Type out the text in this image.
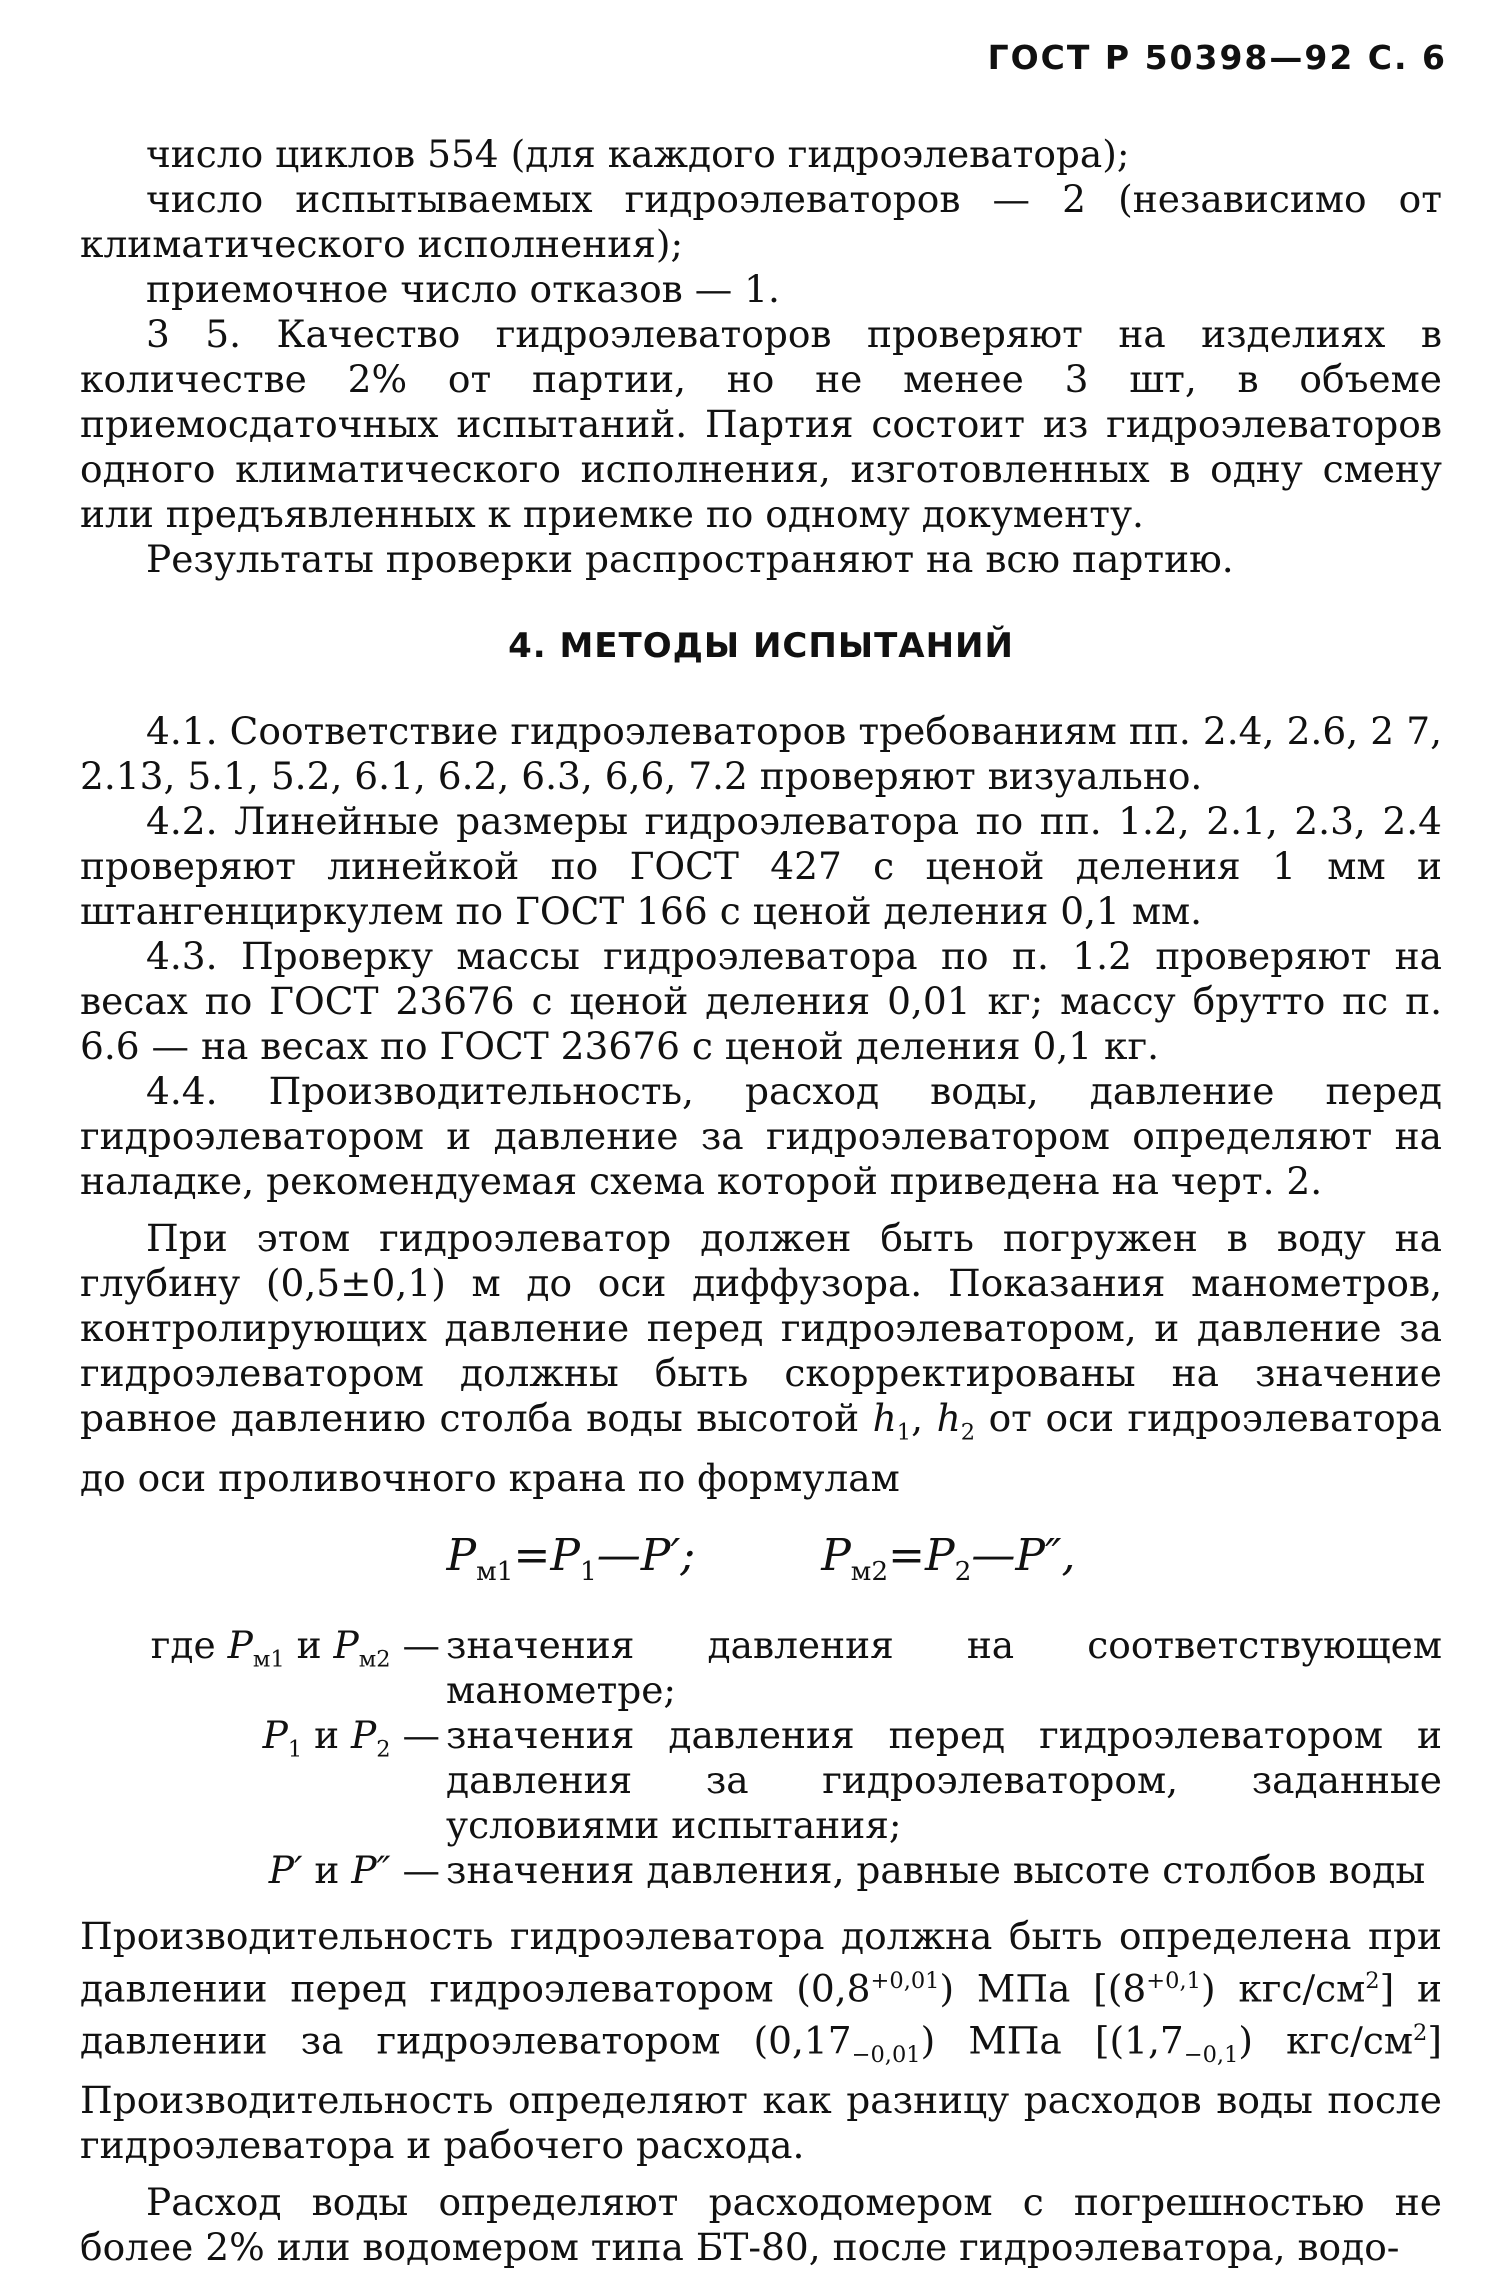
ГОСТ Р 50398—92 С. 6

число циклов 554 (для каждого гидроэлеватора);

число испытываемых гидроэлеваторов — 2 (независимо от климатического исполнения);

приемочное число отказов — 1.

3 5. Качество гидроэлеваторов проверяют на изделиях в количестве 2% от партии, но не менее 3 шт, в объеме приемосдаточных испытаний. Партия состоит из гидроэлеваторов одного климатического исполнения, изготовленных в одну смену или предъявленных к приемке по одному документу.

Результаты проверки распространяют на всю партию.

4. МЕТОДЫ ИСПЫТАНИЙ

4.1. Соответствие гидроэлеваторов требованиям пп. 2.4, 2.6, 2 7, 2.13, 5.1, 5.2, 6.1, 6.2, 6.3, 6,6, 7.2 проверяют визуально.

4.2. Линейные размеры гидроэлеватора по пп. 1.2, 2.1, 2.3, 2.4 проверяют линейкой по ГОСТ 427 с ценой деления 1 мм и штангенциркулем по ГОСТ 166 с ценой деления 0,1 мм.

4.3. Проверку массы гидроэлеватора по п. 1.2 проверяют на весах по ГОСТ 23676 с ценой деления 0,01 кг; массу брутто пс п. 6.6 — на весах по ГОСТ 23676 с ценой деления 0,1 кг.

4.4. Производительность, расход воды, давление перед гидроэлеватором и давление за гидроэлеватором определяют на наладке, рекомендуемая схема которой приведена на черт. 2.

При этом гидроэлеватор должен быть погружен в воду на глубину (0,5±0,1) м до оси диффузора. Показания манометров, контролирующих давление перед гидроэлеватором, и давление за гидроэлеватором должны быть скорректированы на значение равное давлению столба воды высотой $h_1$, $h_2$ от оси гидроэлеватора до оси проливочного крана по формулам

$P_{м1}=P_1—P'$;	$P_{м2}=P_2—P''$,
где $P_{м1}$ и $P_{м2}$ — значения давления на соответствующем манометре;
$P_1$ и $P_2$ — значения давления перед гидроэлеватором и давления за гидроэлеватором, заданные условиями испытания;
P′ и P″ — значения давления, равные высоте столбов воды

Производительность гидроэлеватора должна быть определена при давлении перед гидроэлеватором $(0,8^{+0,01})$ МПа [$(8^{+0,1})$ кгс/$см^2$] и давлении за гидроэлеватором $(0,17_{-0,01})$ МПа [$(1,7_{-0,1})$ кгс/$см^2$] Производительность определяют как разницу расходов воды после гидроэлеватора и рабочего расхода.

Расход воды определяют расходомером с погрешностью не более 2% или водомером типа БТ-80, после гидроэлеватора, водо-
